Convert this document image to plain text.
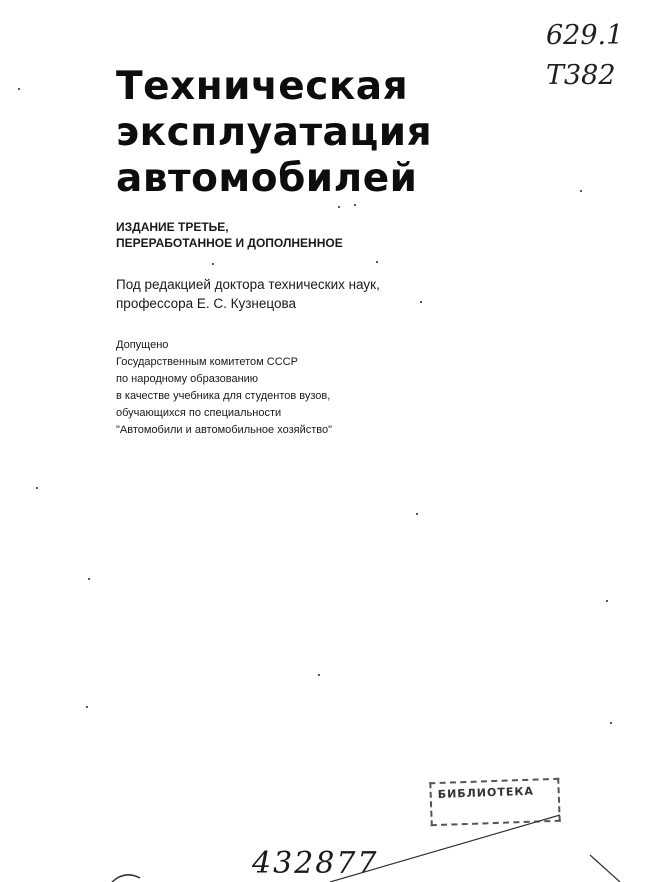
Техническая
эксплуатация
автомобилей
ИЗДАНИЕ ТРЕТЬЕ,
ПЕРЕРАБОТАННОЕ И ДОПОЛНЕННОЕ
Под редакцией доктора технических наук,
профессора Е. С. Кузнецова
Допущено
Государственным комитетом СССР
по народному образованию
в качестве учебника для студентов вузов,
обучающихся по специальности
"Автомобили и автомобильное хозяйство"
629.1
Т382
БИБЛИОТЕКА
432877
